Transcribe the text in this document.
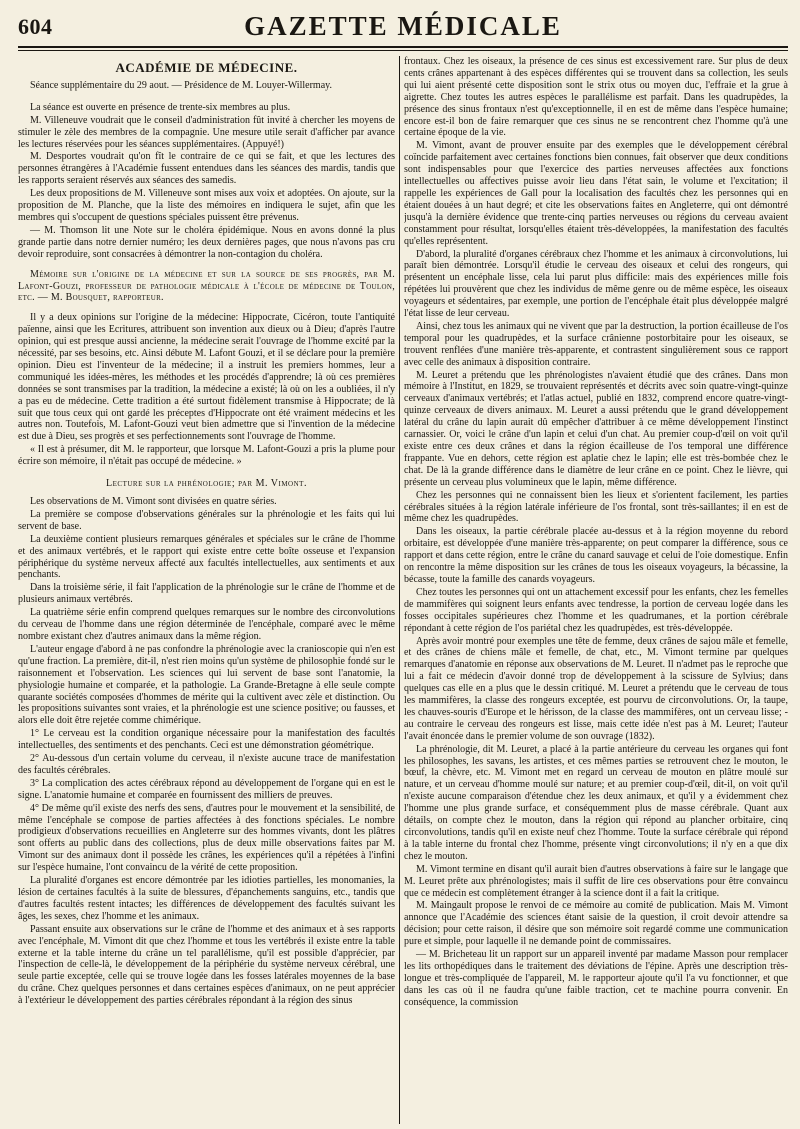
604	GAZETTE MÉDICALE
ACADÉMIE DE MÉDECINE.

Séance supplémentaire du 29 aout. — Présidence de M. Louyer-Willermay.

La séance est ouverte en présence de trente-six membres au plus.

M. Villeneuve voudrait que le conseil d'administration fût invité à chercher les moyens de stimuler le zèle des membres de la compagnie. Une mesure utile serait d'afficher par avance les lectures réservées pour les séances supplémentaires. (Appuyé!)

M. Desportes voudrait qu'on fît le contraire de ce qui se fait, et que les lectures des personnes étrangères à l'Académie fussent entendues dans les séances des mardis, tandis que les rapports seraient réservés aux séances des samedis.

Les deux propositions de M. Villeneuve sont mises aux voix et adoptées. On ajoute, sur la proposition de M. Planche, que la liste des mémoires en indiquera le sujet, afin que les membres qui s'occupent de questions spéciales puissent être prévenus.

— M. Thomson lit une Note sur le choléra épidémique. Nous en avons donné la plus grande partie dans notre dernier numéro; les deux dernières pages, que nous n'avons pas cru devoir reproduire, sont consacrées à démontrer la non-contagion du choléra.

Mémoire sur l'origine de la médecine et sur la source de ses progrès, par M. Lafont-Gouzi, professeur de pathologie médicale à l'école de médecine de Toulon, etc. — M. Bousquet, rapporteur.

Il y a deux opinions sur l'origine de la médecine: Hippocrate, Cicéron, toute l'antiquité païenne, ainsi que les Ecritures, attribuent son invention aux dieux ou à Dieu; d'après l'autre opinion, qui est presque aussi ancienne, la médecine serait l'ouvrage de l'homme excité par la nécessité, par ses besoins, etc. Ainsi débute M. Lafont Gouzi, et il se déclare pour la première opinion. Dieu est l'inventeur de la médecine; il a instruit les premiers hommes, leur a communiqué les idées-mères, les méthodes et les procédés d'apprendre; là où ces premières données se sont transmises par la tradition, la médecine a existé; là où on les a oubliées, il n'y a pas eu de médecine. Cette tradition a été surtout fidèlement transmise à Hippocrate; de là suit que tous ceux qui ont gardé les préceptes d'Hippocrate ont été vraiment médecins et les autres non. Toutefois, M. Lafont-Gouzi veut bien admettre que si l'invention de la médecine est due à Dieu, ses progrès et ses perfectionnements sont l'ouvrage de l'homme.

« Il est à présumer, dit M. le rapporteur, que lorsque M. Lafont-Gouzi a pris la plume pour écrire son mémoire, il n'était pas occupé de médecine. »

Lecture sur la phrénologie; par M. Vimont.

Les observations de M. Vimont sont divisées en quatre séries.

La première se compose d'observations générales sur la phrénologie et les faits qui lui servent de base.

La deuxième contient plusieurs remarques générales et spéciales sur le crâne de l'homme et des animaux vertébrés, et le rapport qui existe entre cette boîte osseuse et l'expansion périphérique du système nerveux affecté aux facultés intellectuelles, aux sentiments et aux penchants.

Dans la troisième série, il fait l'application de la phrénologie sur le crâne de l'homme et de plusieurs animaux vertébrés.

La quatrième série enfin comprend quelques remarques sur le nombre des circonvolutions du cerveau de l'homme dans une région déterminée de l'encéphale, comparé avec le même nombre existant chez d'autres animaux dans la même région.

L'auteur engage d'abord à ne pas confondre la phrénologie avec la cranioscopie qui n'en est qu'une fraction. La première, dit-il, n'est rien moins qu'un système de philosophie fondé sur le raisonnement et l'observation. Les sciences qui lui servent de base sont l'anatomie, la physiologie humaine et comparée, et la pathologie. La Grande-Bretagne à elle seule compte quarante sociétés composées d'hommes de mérite qui la cultivent avec zèle et distinction. Ou les propositions suivantes sont vraies, et la phrénologie est une science positive; ou fausses, et alors elle doit être rejetée comme chimérique.

1° Le cerveau est la condition organique nécessaire pour la manifestation des facultés intellectuelles, des sentiments et des penchants. Ceci est une démonstration géométrique.

2° Au-dessous d'un certain volume du cerveau, il n'existe aucune trace de manifestation des facultés cérébrales.

3° La complication des actes cérébraux répond au développement de l'organe qui en est le signe. L'anatomie humaine et comparée en fournissent des milliers de preuves.

4° De même qu'il existe des nerfs des sens, d'autres pour le mouvement et la sensibilité, de même l'encéphale se compose de parties affectées à des fonctions spéciales. Le nombre prodigieux d'observations recueillies en Angleterre sur des hommes vivants, dont les plâtres sont offerts au public dans des collections, plus de deux mille observations faites par M. Vimont sur des animaux dont il possède les crânes, les expériences qu'il a répétées à l'infini sur l'espèce humaine, l'ont convaincu de la vérité de cette proposition.

La pluralité d'organes est encore démontrée par les idioties partielles, les monomanies, la lésion de certaines facultés à la suite de blessures, d'épanchements sanguins, etc., tandis que d'autres facultés restent intactes; les différences de développement des facultés suivant les âges, les sexes, chez l'homme et les animaux.

Passant ensuite aux observations sur le crâne de l'homme et des animaux et à ses rapports avec l'encéphale, M. Vimont dit que chez l'homme et tous les vertébrés il existe entre la table externe et la table interne du crâne un tel parallélisme, qu'il est possible d'apprécier, par l'inspection de celle-là, le développement de la périphérie du système nerveux cérébral, une seule partie exceptée, celle qui se trouve logée dans les fosses latérales moyennes de la base du crâne. Chez quelques personnes et dans certaines espèces d'animaux, on ne peut apprécier à l'extérieur le développement des parties cérébrales répondant à la région des sinus

frontaux. Chez les oiseaux, la présence de ces sinus est excessivement rare. Sur plus de deux cents crânes appartenant à des espèces différentes qui se trouvent dans sa collection, les seuls qui lui aient présenté cette disposition sont le strix otus ou moyen duc, l'effraie et la grue à aigrette. Chez toutes les autres espèces le parallélisme est parfait. Dans les quadrupèdes, la présence des sinus frontaux n'est qu'exceptionnelle, il en est de même dans l'espèce humaine; encore est-il bon de faire remarquer que ces sinus ne se rencontrent chez l'homme qu'à une certaine époque de la vie.

M. Vimont, avant de prouver ensuite par des exemples que le développement cérébral coïncide parfaitement avec certaines fonctions bien connues, fait observer que deux conditions sont indispensables pour que l'exercice des parties nerveuses affectées aux fonctions intellectuelles ou affectives puisse avoir lieu dans l'état sain, le volume et l'excitation; il rappelle les expériences de Gall pour la localisation des facultés chez les personnes qui en étaient douées à un haut degré; et cite les observations faites en Angleterre, qui ont démontré jusqu'à la dernière évidence que trente-cinq parties nerveuses ou régions du cerveau avaient constamment pour résultat, lorsqu'elles étaient très-développées, la manifestation des facultés qu'elles représentent.

D'abord, la pluralité d'organes cérébraux chez l'homme et les animaux à circonvolutions, lui paraît bien démontrée. Lorsqu'il étudie le cerveau des oiseaux et celui des rongeurs, qui présentent un encéphale lisse, cela lui parut plus difficile: mais des expériences mille fois répétées lui prouvèrent que chez les individus de même genre ou de même espèce, les oiseaux voyageurs et sédentaires, par exemple, une portion de l'encéphale était plus développée malgré l'état lisse de leur cerveau.

Ainsi, chez tous les animaux qui ne vivent que par la destruction, la portion écailleuse de l'os temporal pour les quadrupèdes, et la surface crânienne postorbitaire pour les oiseaux, se trouvent renflées d'une manière très-apparente, et contrastent singulièrement sous ce rapport avec celle des animaux à disposition contraire.

M. Leuret a prétendu que les phrénologistes n'avaient étudié que des crânes. Dans mon mémoire à l'Institut, en 1829, se trouvaient représentés et décrits avec soin quatre-vingt-quinze cerveaux d'animaux vertébrés; et l'atlas actuel, publié en 1832, comprend encore quatre-vingt-quinze cerveaux de divers animaux. M. Leuret a aussi prétendu que le grand développement latéral du crâne du lapin aurait dû empêcher d'attribuer à ce même développement l'instinct carnassier. Or, voici le crâne d'un lapin et celui d'un chat. Au premier coup-d'œil on voit qu'il existe entre ces deux crânes et dans la région écailleuse de l'os temporal une différence frappante. Vue en dehors, cette région est aplatie chez le lapin; elle est très-bombée chez le chat. De là la grande différence dans le diamètre de leur crâne en ce point. Chez le lièvre, qui présente un cerveau plus volumineux que le lapin, même différence.

Chez les personnes qui ne connaissent bien les lieux et s'orientent facilement, les parties cérébrales situées à la région latérale inférieure de l'os frontal, sont très-saillantes; il en est de même chez les quadrupèdes.

Dans les oiseaux, la partie cérébrale placée au-dessus et à la région moyenne du rebord orbitaire, est développée d'une manière très-apparente; on peut comparer la différence, sous ce rapport et dans cette région, entre le crâne du canard sauvage et celui de l'oie domestique. Enfin on rencontre la même disposition sur les crânes de tous les oiseaux voyageurs, la bécassine, la bécasse, toute la famille des canards voyageurs.

Chez toutes les personnes qui ont un attachement excessif pour les enfants, chez les femelles de mammifères qui soignent leurs enfants avec tendresse, la portion de cerveau logée dans les fosses occipitales supérieures chez l'homme et les quadrumanes, et la portion cérébrale répondant à cette région de l'os pariétal chez les quadrupèdes, est très-développée.

Après avoir montré pour exemples une tête de femme, deux crânes de sajou mâle et femelle, et des crânes de chiens mâle et femelle, de chat, etc., M. Vimont termine par quelques remarques d'anatomie en réponse aux observations de M. Leuret. Il n'admet pas le reproche que lui a fait ce médecin d'avoir donné trop de développement à la scissure de Sylvius; dans quelques cas elle en a plus que le dessin critiqué. M. Leuret a prétendu que le cerveau de tous les mammifères, la classe des rongeurs exceptée, est pourvu de circonvolutions. Or, la taupe, les chauves-souris d'Europe et le hérisson, de la classe des mammifères, ont un cerveau lisse; - au contraire le cerveau des rongeurs est lisse, mais cette idée n'est pas à M. Leuret; l'auteur l'avait énoncée dans le premier volume de son ouvrage (1832).

La phrénologie, dit M. Leuret, a placé à la partie antérieure du cerveau les organes qui font les philosophes, les savans, les artistes, et ces mêmes parties se retrouvent chez le mouton, le bœuf, la chèvre, etc. M. Vimont met en regard un cerveau de mouton en plâtre moulé sur nature, et un cerveau d'homme moulé sur nature; et au premier coup-d'œil, dit-il, on voit qu'il n'existe aucune comparaison d'étendue chez les deux animaux, et qu'il y a évidemment chez l'homme une plus grande surface, et conséquemment plus de masse cérébrale. Quant aux détails, on compte chez le mouton, dans la région qui répond au plancher orbitaire, cinq circonvolutions, tandis qu'il en existe neuf chez l'homme. Toute la surface cérébrale qui répond à la table interne du frontal chez l'homme, présente vingt circonvolutions; il n'y en a que dix chez le mouton.

M. Vimont termine en disant qu'il aurait bien d'autres observations à faire sur le langage que M. Leuret prête aux phrénologistes; mais il suffit de lire ces observations pour être convaincu que ce médecin est complètement étranger à la science dont il a fait la critique.

M. Maingault propose le renvoi de ce mémoire au comité de publication. Mais M. Vimont annonce que l'Académie des sciences étant saisie de la question, il croit devoir attendre sa décision; pour cette raison, il désire que son mémoire soit regardé comme une communication pure et simple, pour laquelle il ne demande point de commissaires.

— M. Bricheteau lit un rapport sur un appareil inventé par madame Masson pour remplacer les lits orthopédiques dans le traitement des déviations de l'épine. Après une description très-longue et très-compliquée de l'appareil, M. le rapporteur ajoute qu'il l'a vu fonctionner, et que dans les cas où il ne faudra qu'une faible traction, cet te machine pourra convenir. En conséquence, la commission
